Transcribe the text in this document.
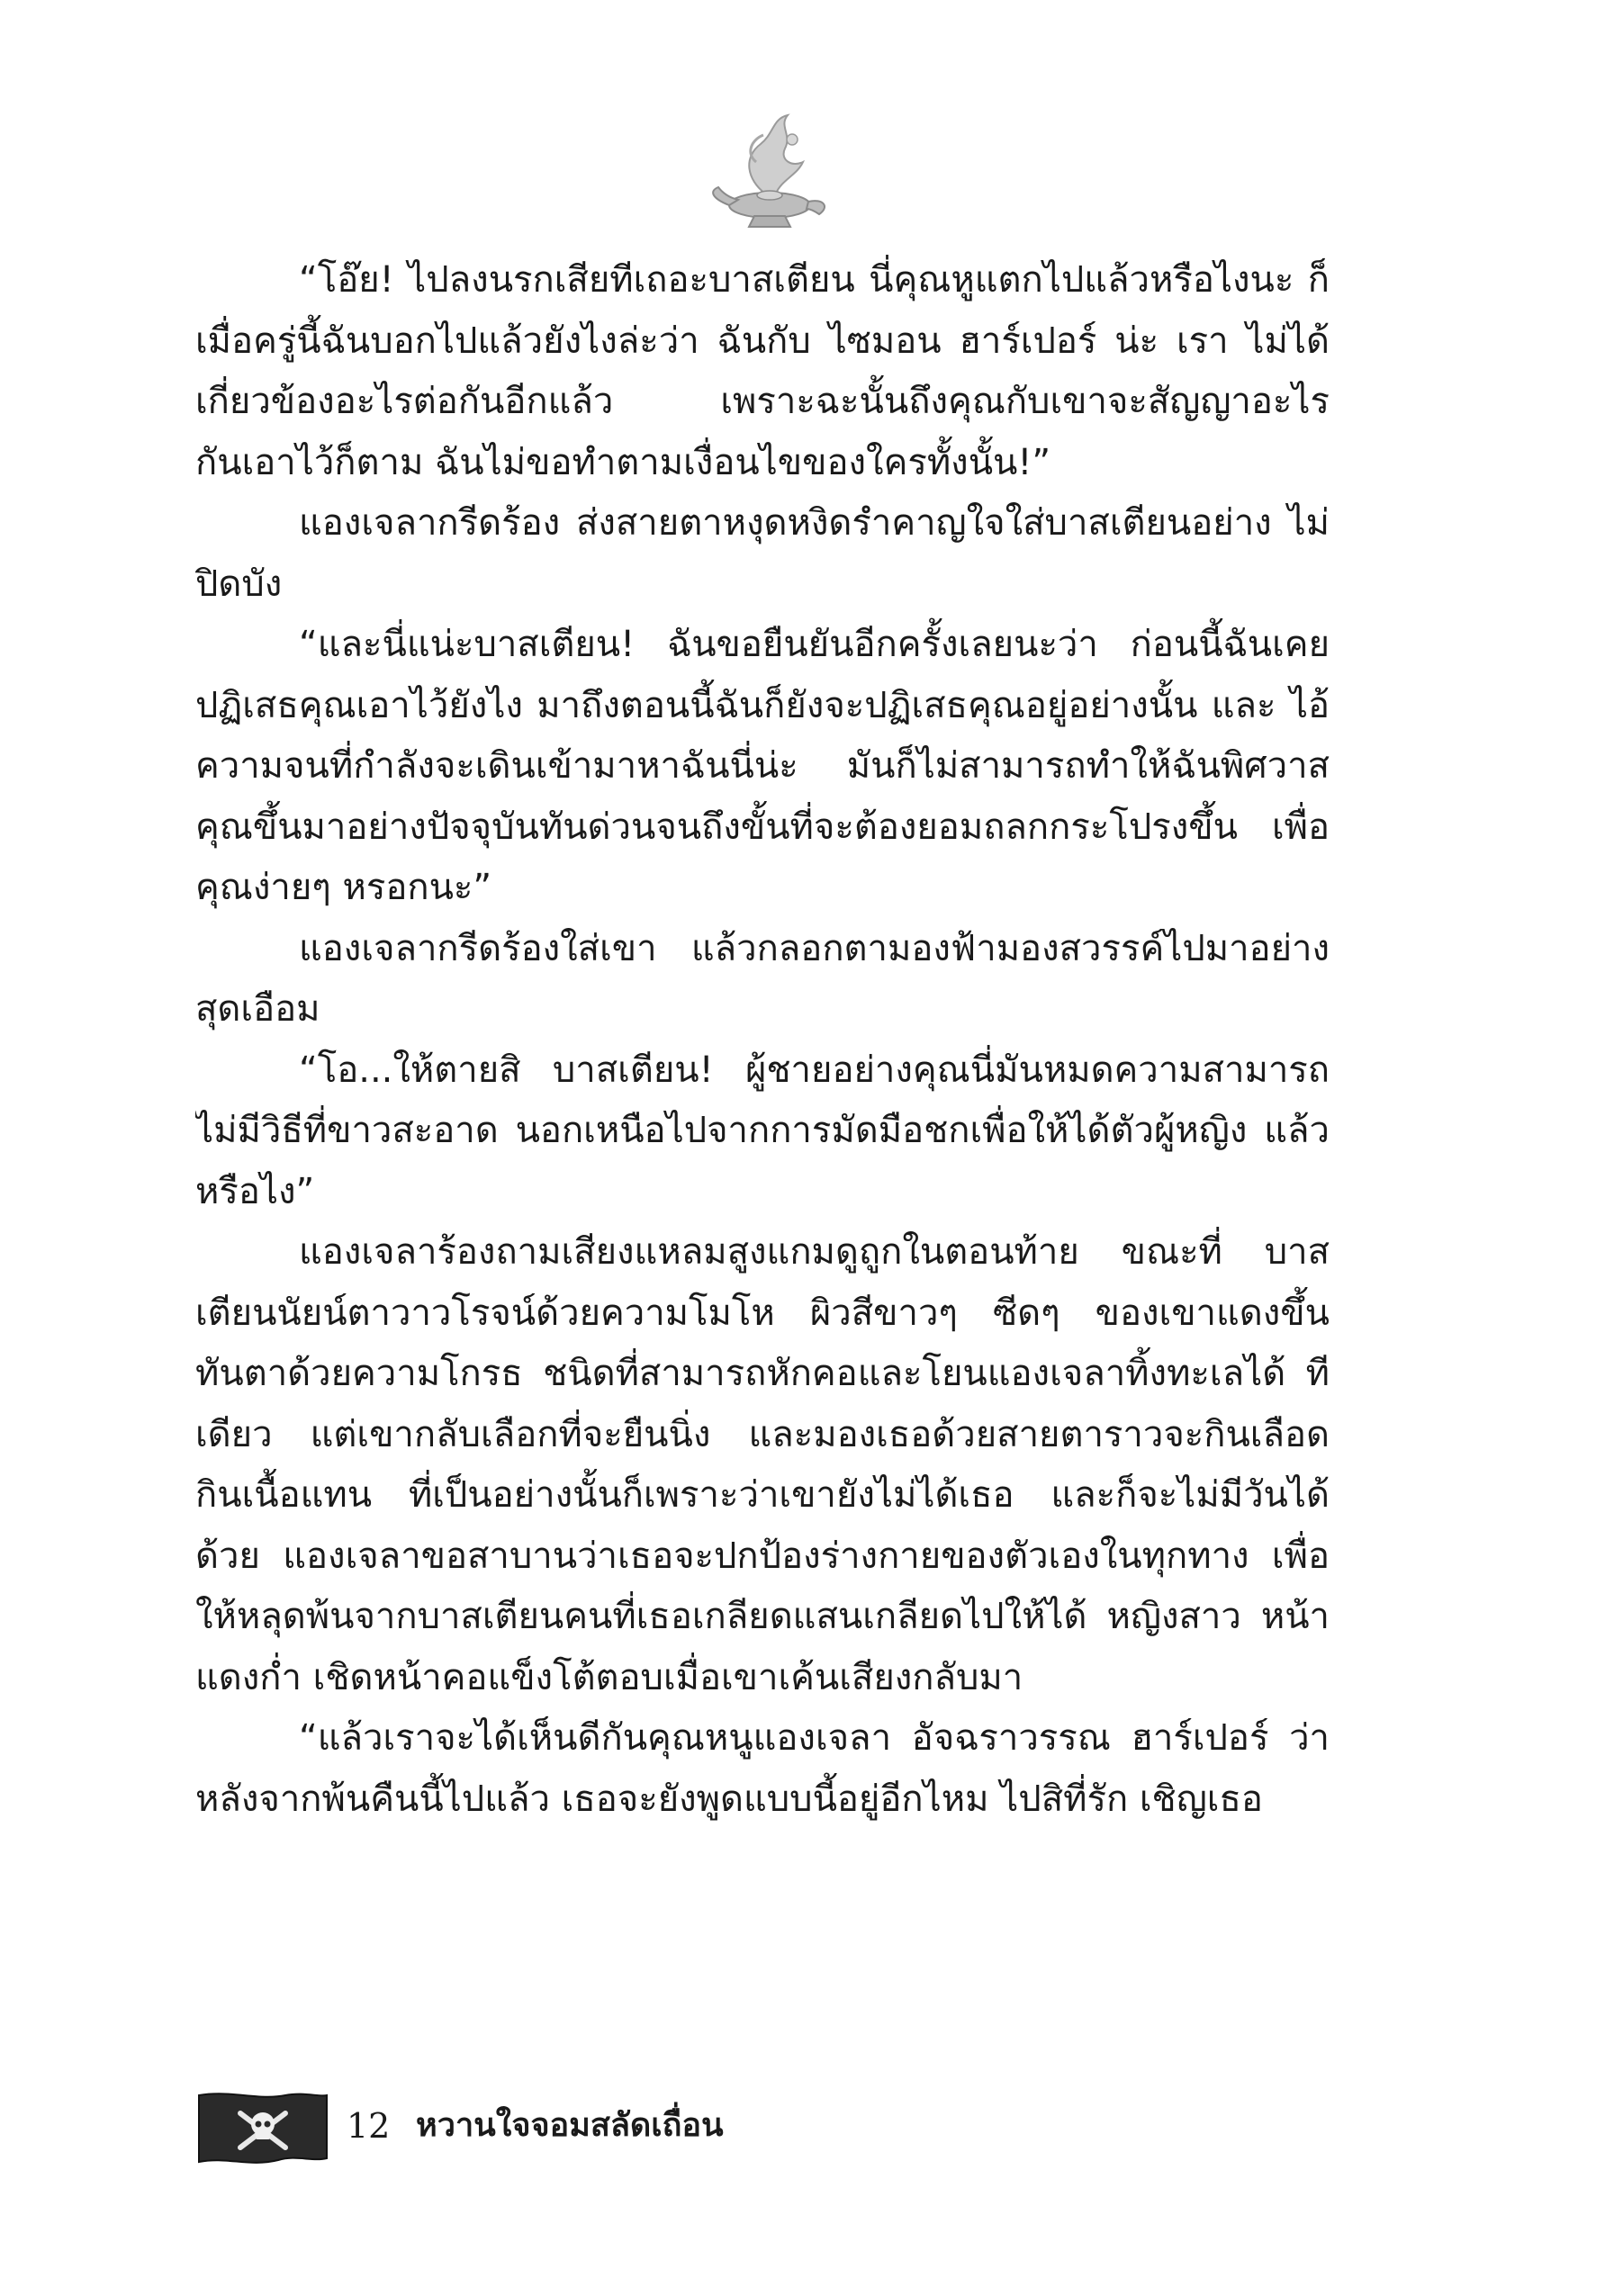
“โอ๊ย! ไปลงนรกเสียทีเถอะบาสเตียน นี่คุณหูแตกไปแล้วหรือไงนะ ก็เมื่อครู่นี้ฉันบอกไปแล้วยังไงล่ะว่า ฉันกับ ไซมอน ฮาร์เปอร์ น่ะ เรา ไม่ได้เกี่ยวข้องอะไรต่อกันอีกแล้ว เพราะฉะนั้นถึงคุณกับเขาจะสัญญาอะไร กันเอาไว้ก็ตาม ฉันไม่ขอทำตามเงื่อนไขของใครทั้งนั้น!”

แองเจลากรีดร้อง ส่งสายตาหงุดหงิดรำคาญใจใส่บาสเตียนอย่าง ไม่ปิดบัง

“และนี่แน่ะบาสเตียน! ฉันขอยืนยันอีกครั้งเลยนะว่า ก่อนนี้ฉันเคย ปฏิเสธคุณเอาไว้ยังไง มาถึงตอนนี้ฉันก็ยังจะปฏิเสธคุณอยู่อย่างนั้น และ ไอ้ความจนที่กำลังจะเดินเข้ามาหาฉันนี่น่ะ มันก็ไม่สามารถทำให้ฉันพิศวาส คุณขึ้นมาอย่างปัจจุบันทันด่วนจนถึงขั้นที่จะต้องยอมถลกกระโปรงขึ้น เพื่อคุณง่ายๆ หรอกนะ”

แองเจลากรีดร้องใส่เขา แล้วกลอกตามองฟ้ามองสวรรค์ไปมาอย่าง สุดเอือม

“โอ...ให้ตายสิ บาสเตียน! ผู้ชายอย่างคุณนี่มันหมดความสามารถ ไม่มีวิธีที่ขาวสะอาด นอกเหนือไปจากการมัดมือชกเพื่อให้ได้ตัวผู้หญิง แล้วหรือไง”

แองเจลาร้องถามเสียงแหลมสูงแกมดูถูกในตอนท้าย ขณะที่ บาสเตียนนัยน์ตาวาวโรจน์ด้วยความโมโห ผิวสีขาวๆ ซีดๆ ของเขาแดงขึ้น ทันตาด้วยความโกรธ ชนิดที่สามารถหักคอและโยนแองเจลาทิ้งทะเลได้ ทีเดียว แต่เขากลับเลือกที่จะยืนนิ่ง และมองเธอด้วยสายตาราวจะกินเลือด กินเนื้อแทน ที่เป็นอย่างนั้นก็เพราะว่าเขายังไม่ได้เธอ และก็จะไม่มีวันได้ ด้วย แองเจลาขอสาบานว่าเธอจะปกป้องร่างกายของตัวเองในทุกทาง เพื่อให้หลุดพ้นจากบาสเตียนคนที่เธอเกลียดแสนเกลียดไปให้ได้ หญิงสาว หน้าแดงก่ำ เชิดหน้าคอแข็งโต้ตอบเมื่อเขาเค้นเสียงกลับมา

“แล้วเราจะได้เห็นดีกันคุณหนูแองเจลา อัจฉราวรรณ ฮาร์เปอร์ ว่าหลังจากพ้นคืนนี้ไปแล้ว เธอจะยังพูดแบบนี้อยู่อีกไหม ไปสิที่รัก เชิญเธอ

12 หวานใจจอมสลัดเถื่อน
